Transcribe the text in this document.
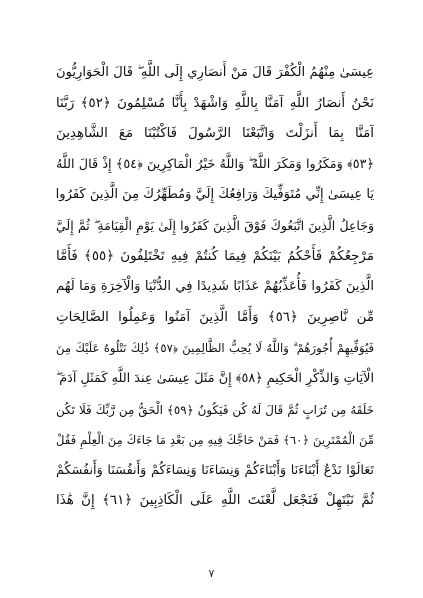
عِيسَىٰ مِنْهُمُ الْكُفْرَ قَالَ مَنْ أَنصَارِي إِلَى اللَّهِ ۖ قَالَ الْحَوَارِيُّونَ
نَحْنُ أَنصَارُ اللَّهِ آمَنَّا بِاللَّهِ وَاشْهَدْ بِأَنَّا مُسْلِمُونَ ﴿٥٢﴾ رَبَّنَا
آمَنَّا بِمَا أَنزَلْتَ وَاتَّبَعْنَا الرَّسُولَ فَاكْتُبْنَا مَعَ الشَّاهِدِينَ
﴿٥٣﴾ وَمَكَرُوا وَمَكَرَ اللَّهُ ۖ وَاللَّهُ خَيْرُ الْمَاكِرِينَ ﴿٥٤﴾ إِذْ قَالَ اللَّهُ
يَا عِيسَىٰ إِنِّي مُتَوَفِّيكَ وَرَافِعُكَ إِلَيَّ وَمُطَهِّرُكَ مِنَ الَّذِينَ كَفَرُوا
وَجَاعِلُ الَّذِينَ اتَّبَعُوكَ فَوْقَ الَّذِينَ كَفَرُوا إِلَىٰ يَوْمِ الْقِيَامَةِ ۖ ثُمَّ إِلَيَّ
مَرْجِعُكُمْ فَأَحْكُمُ بَيْنَكُمْ فِيمَا كُنتُمْ فِيهِ تَخْتَلِفُونَ ﴿٥٥﴾ فَأَمَّا
الَّذِينَ كَفَرُوا فَأُعَذِّبُهُمْ عَذَابًا شَدِيدًا فِي الدُّنْيَا وَالْآخِرَةِ وَمَا لَهُم
مِّن نَّاصِرِينَ ﴿٥٦﴾ وَأَمَّا الَّذِينَ آمَنُوا وَعَمِلُوا الصَّالِحَاتِ
فَيُوَفِّيهِمْ أُجُورَهُمْ ۗ وَاللَّهُ لَا يُحِبُّ الظَّالِمِينَ ﴿٥٧﴾ ذَٰلِكَ نَتْلُوهُ عَلَيْكَ مِنَ
الْآيَاتِ وَالذِّكْرِ الْحَكِيمِ ﴿٥٨﴾ إِنَّ مَثَلَ عِيسَىٰ عِندَ اللَّهِ كَمَثَلِ آدَمَ ۖ
خَلَقَهُ مِن تُرَابٍ ثُمَّ قَالَ لَهُ كُن فَيَكُونُ ﴿٥٩﴾ الْحَقُّ مِن رَّبِّكَ فَلَا تَكُن
مِّنَ الْمُمْتَرِينَ ﴿٦٠﴾ فَمَنْ حَاجَّكَ فِيهِ مِن بَعْدِ مَا جَاءَكَ مِنَ الْعِلْمِ فَقُلْ
تَعَالَوْا نَدْعُ أَبْنَاءَنَا وَأَبْنَاءَكُمْ وَنِسَاءَنَا وَنِسَاءَكُمْ وَأَنفُسَنَا وَأَنفُسَكُمْ
ثُمَّ نَبْتَهِلْ فَنَجْعَل لَّعْنَتَ اللَّهِ عَلَى الْكَاذِبِينَ ﴿٦١﴾ إِنَّ هَٰذَا
٧
